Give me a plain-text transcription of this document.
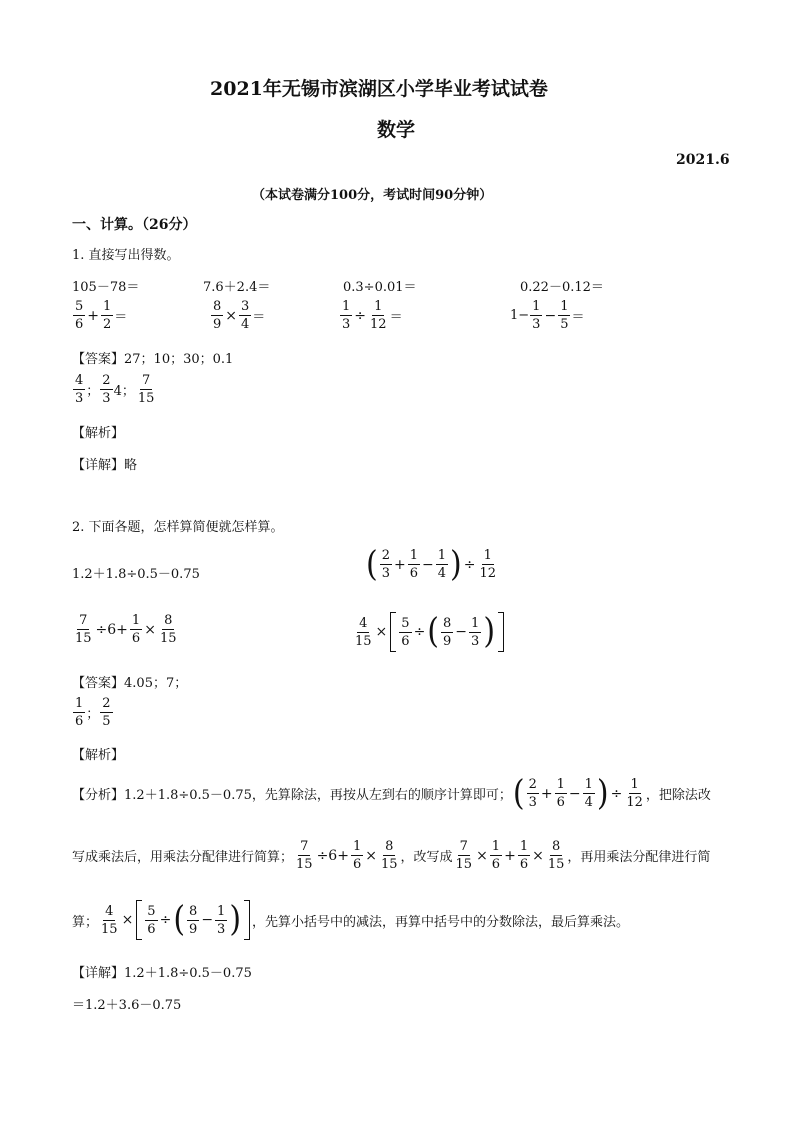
2021年无锡市滨湖区小学毕业考试试卷
数学
2021.6
（本试卷满分100分，考试时间90分钟）
一、计算。（26分）
1. 直接写出得数。
105－78＝	7.6＋2.4＝	0.3÷0.01＝	0.22－0.12＝
$\frac{5}{6} + \frac{1}{2}$ ＝	$\frac{8}{9} \times \frac{3}{4}$ ＝	$\frac{1}{3} \div \frac{1}{12}$ ＝	$1- \frac{1}{3} - \frac{1}{5}$ ＝
【答案】27；10；30；0.1
$\frac{4}{3}$ ； $\frac{2}{3} 4$； $\frac{7}{15}$
【解析】
【详解】略
2. 下面各题，怎样算简便就怎样算。
1.2＋1.8÷0.5－0.75	( $\frac{2}{3} + \frac{1}{6} - \frac{1}{4}$ ) ÷ $\frac{1}{12}$
$\frac{7}{15} \div 6+ \frac{1}{6} \times \frac{8}{15}$	$\frac{4}{15} \times \frac{5}{6}$ ÷ ( $\frac{8}{9} - \frac{1}{3}$ )
【答案】4.05；7；
$\frac{1}{6}$ ； $\frac{2}{5}$
【解析】
【分析】 1.2＋1.8÷0.5－0.75，先算除法，再按从左到右的顺序计算即可； ( $\frac{2}{3} + \frac{1}{6} - \frac{1}{4}$ ) ÷ $\frac{1}{12}$ ，把除法改
写成乘法后，用乘法分配律进行简算； $\frac{7}{15} \div 6+ \frac{1}{6} \times \frac{8}{15}$ ，改写成 $\frac{7}{15} \times \frac{1}{6} + \frac{1}{6} \times \frac{8}{15}$ ，再用乘法分配律进行简
算； $\frac{4}{15} \times \frac{5}{6}$ ÷ ( $\frac{8}{9} - \frac{1}{3}$ ) ，先算小括号中的减法，再算中括号中的分数除法，最后算乘法。
【详解】1.2＋1.8÷0.5－0.75
＝1.2＋3.6－0.75
